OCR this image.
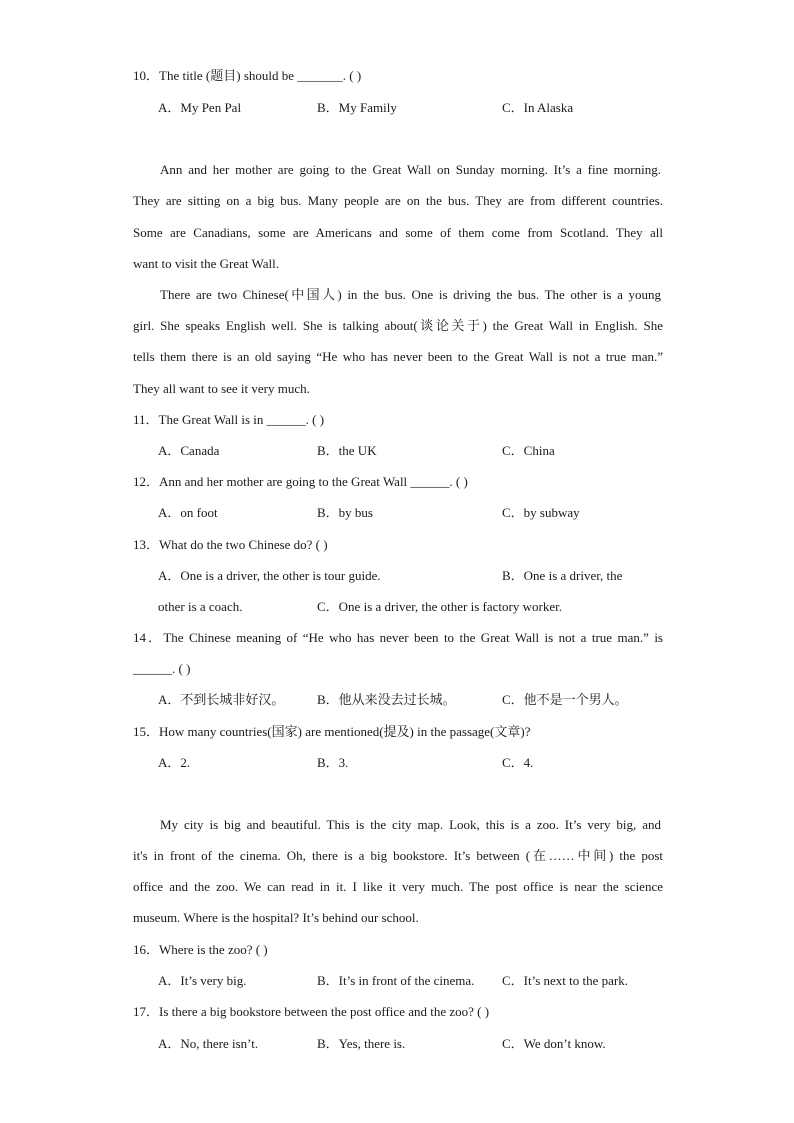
10．The title (题目) should be _______. ( )
A．My Pen Pal	B．My Family	C．In Alaska
Ann and her mother are going to the Great Wall on Sunday morning. It’s a fine morning.
They are sitting on a big bus. Many people are on the bus. They are from different countries.
Some are Canadians, some are Americans and some of them come from Scotland. They all
want to visit the Great Wall.
There are two Chinese(中国人) in the bus. One is driving the bus. The other is a young
girl. She speaks English well. She is talking about(谈论关于) the Great Wall in English. She
tells them there is an old saying “He who has never been to the Great Wall is not a true man.”
They all want to see it very much.
11．The Great Wall is in ______. ( )
A．Canada	B．the UK	C．China
12．Ann and her mother are going to the Great Wall ______. ( )
A．on foot	B．by bus	C．by subway
13．What do the two Chinese do? ( )
A．One is a driver, the other is tour guide.	B．One is a driver, the
other is a coach.	C．One is a driver, the other is factory worker.
14．The Chinese meaning of “He who has never been to the Great Wall is not a true man.” is
______. ( )
A．不到长城非好汉。	B．他从来没去过长城。	C．他不是一个男人。
15．How many countries(国家) are mentioned(提及) in the passage(文章)?
A．2.	B．3.	C．4.
My city is big and beautiful. This is the city map. Look, this is a zoo. It’s very big, and
it's in front of the cinema. Oh, there is a big bookstore. It’s between (在……中间) the post
office and the zoo. We can read in it. I like it very much. The post office is near the science
museum. Where is the hospital? It’s behind our school.
16．Where is the zoo? ( )
A．It’s very big.	B．It’s in front of the cinema. C．It’s next to the park.
17．Is there a big bookstore between the post office and the zoo? ( )
A．No, there isn’t.	B．Yes, there is.	C．We don’t know.
